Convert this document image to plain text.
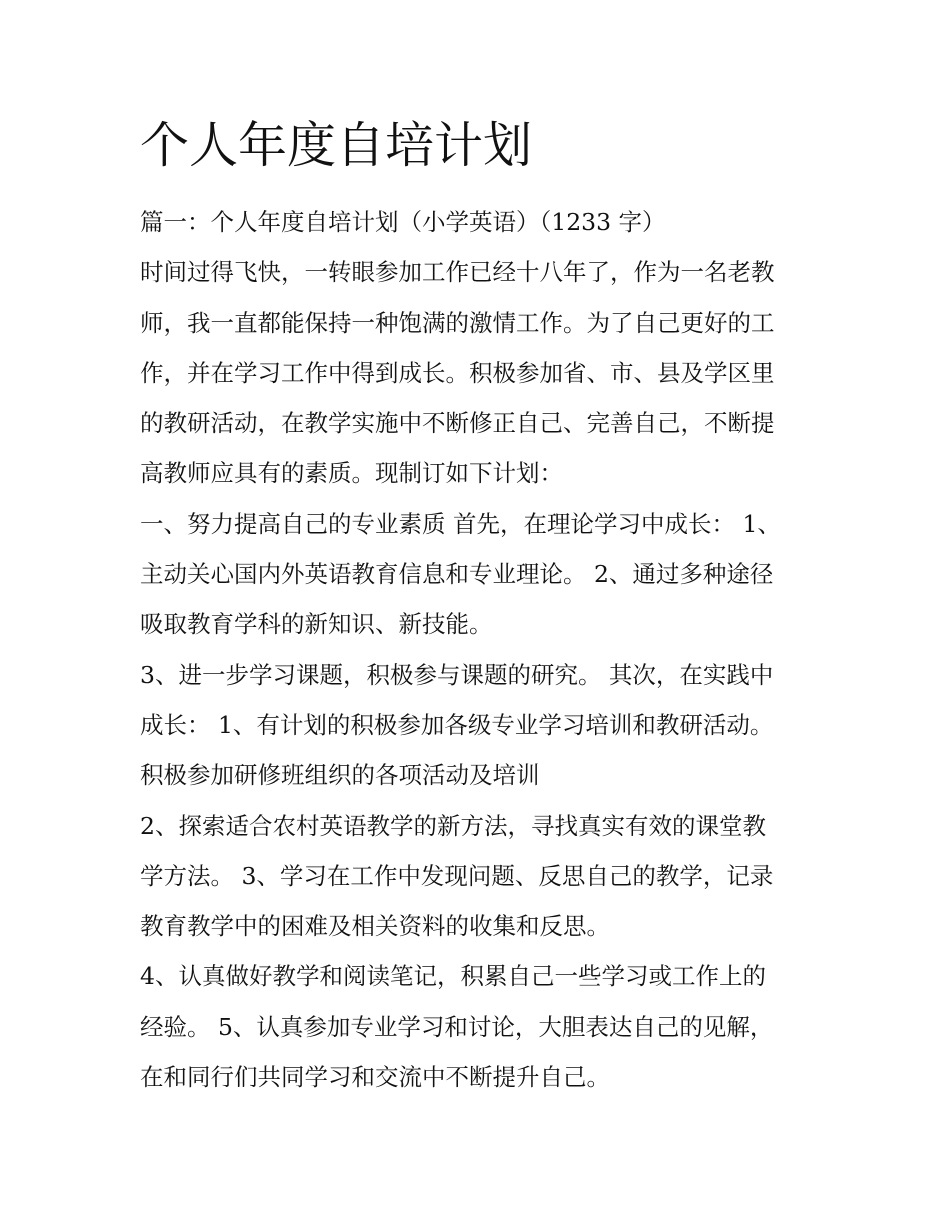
个人年度自培计划
篇一：个人年度自培计划（小学英语）（1233 字）
时间过得飞快，一转眼参加工作已经十八年了，作为一名老教
师，我一直都能保持一种饱满的激情工作。为了自己更好的工
作，并在学习工作中得到成长。积极参加省、市、县及学区里
的教研活动，在教学实施中不断修正自己、完善自己，不断提
高教师应具有的素质。现制订如下计划：
一、努力提高自己的专业素质 首先，在理论学习中成长： 1、
主动关心国内外英语教育信息和专业理论。 2、通过多种途径
吸取教育学科的新知识、新技能。
3、进一步学习课题，积极参与课题的研究。 其次，在实践中
成长： 1、有计划的积极参加各级专业学习培训和教研活动。
积极参加研修班组织的各项活动及培训
2、探索适合农村英语教学的新方法，寻找真实有效的课堂教
学方法。 3、学习在工作中发现问题、反思自己的教学，记录
教育教学中的困难及相关资料的收集和反思。
4、认真做好教学和阅读笔记，积累自己一些学习或工作上的
经验。 5、认真参加专业学习和讨论，大胆表达自己的见解，
在和同行们共同学习和交流中不断提升自己。
